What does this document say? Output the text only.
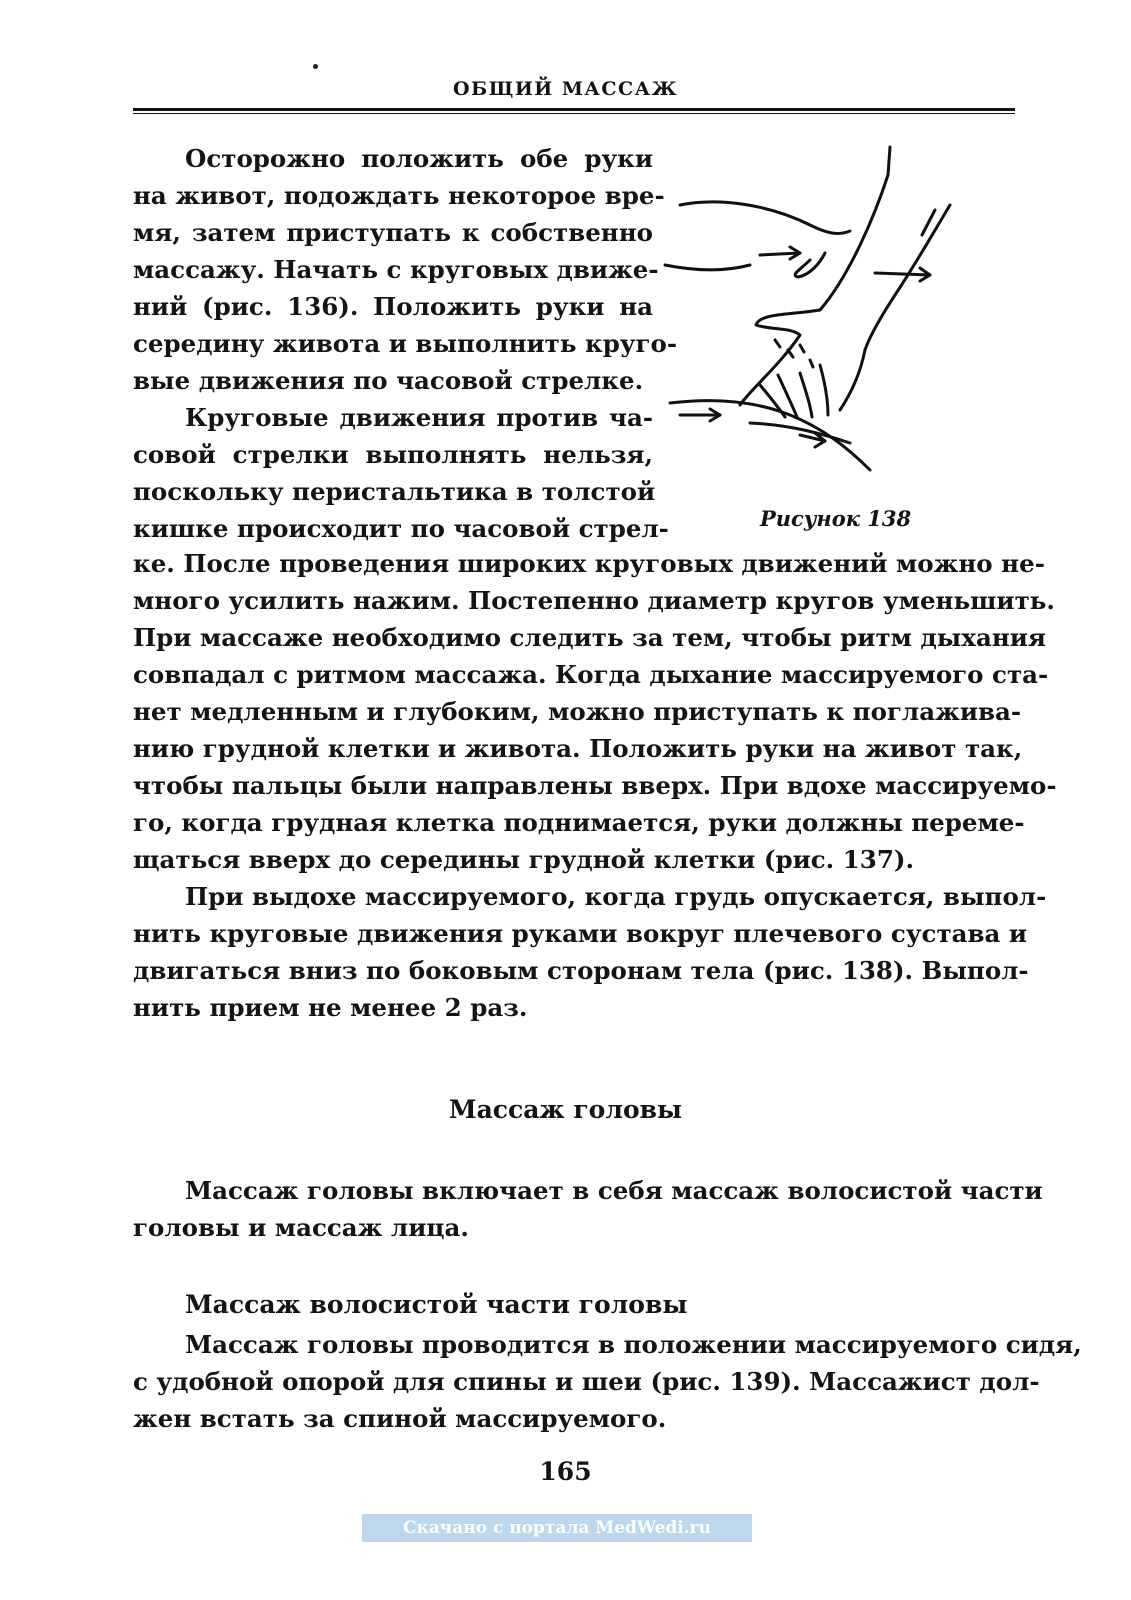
ОБЩИЙ МАССАЖ
Осторожно положить обе руки
на живот, подождать некоторое вре-
мя, затем приступать к собственно
массажу. Начать с круговых движе-
ний (рис. 136). Положить руки на
середину живота и выполнить круго-
вые движения по часовой стрелке.
Круговые движения против ча-
совой стрелки выполнять нельзя,
поскольку перистальтика в толстой
кишке происходит по часовой стрел-	Рисунок 138
ке. После проведения широких круговых движений можно не-
много усилить нажим. Постепенно диаметр кругов уменьшить.
При массаже необходимо следить за тем, чтобы ритм дыхания
совпадал с ритмом массажа. Когда дыхание массируемого ста-
нет медленным и глубоким, можно приступать к поглажива-
нию грудной клетки и живота. Положить руки на живот так,
чтобы пальцы были направлены вверх. При вдохе массируемо-
го, когда грудная клетка поднимается, руки должны переме-
щаться вверх до середины грудной клетки (рис. 137).
При выдохе массируемого, когда грудь опускается, выпол-
нить круговые движения руками вокруг плечевого сустава и
двигаться вниз по боковым сторонам тела (рис. 138). Выпол-
нить прием не менее 2 раз.
Массаж головы
Массаж головы включает в себя массаж волосистой части
головы и массаж лица.
Массаж волосистой части головы
Массаж головы проводится в положении массируемого сидя,
с удобной опорой для спины и шеи (рис. 139). Массажист дол-
жен встать за спиной массируемого.
165
Скачано с портала MedWedi.ru
